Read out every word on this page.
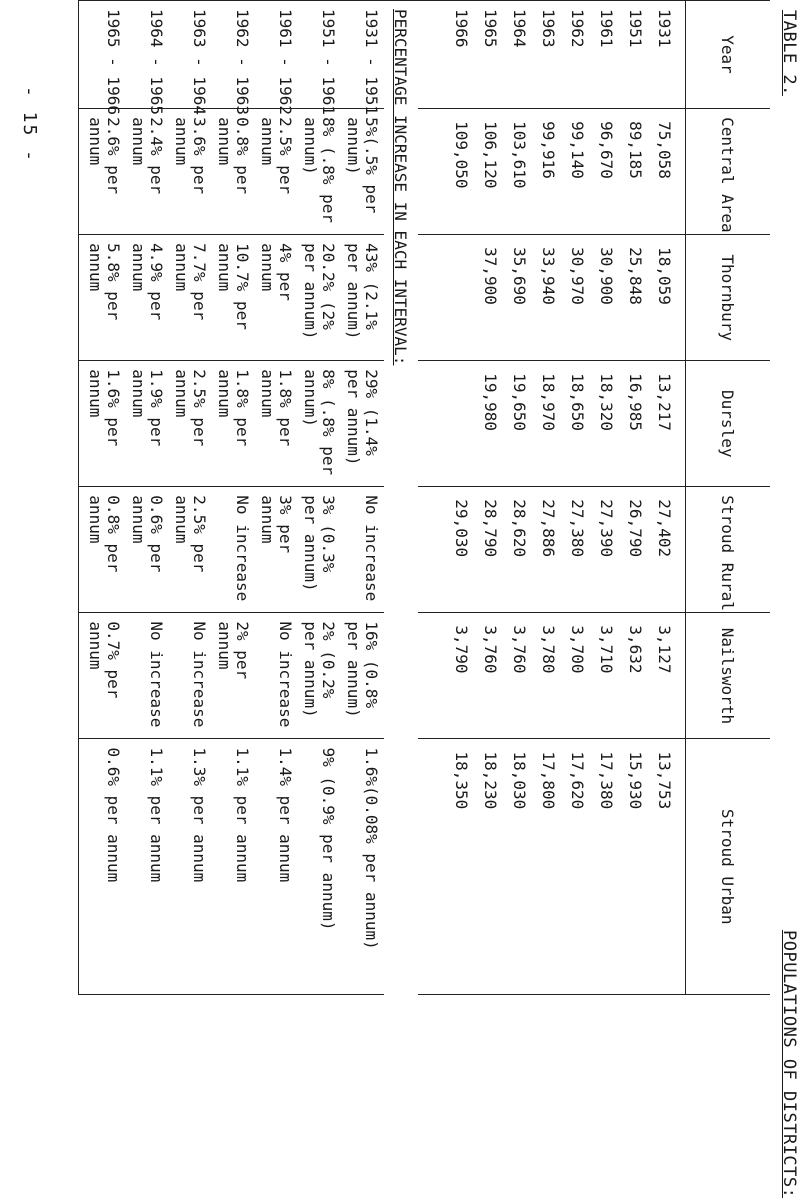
POPULATIONS OF DISTRICTS:
TABLE 2.
Year	Central Area	Thornbury	Dursley	Stroud Rural	Nailsworth	Stroud Urban
1931	75,058	18,059	13,217	27,402	3,127	13,753
1951	89,185	25,848	16,985	26,790	3,632	15,930
1961	96,670	30,900	18,320	27,390	3,710	17,380
1962	99,140	30,970	18,650	27,380	3,700	17,620
1963	99,916	33,940	18,970	27,886	3,780	17,800
1964	103,610	35,690	19,650	28,620	3,760	18,030
1965	106,120	37,900	19,980	28,790	3,760	18,230
1966	109,050			29,030	3,790	18,350

PERCENTAGE INCREASE IN EACH INTERVAL:						
1931 - 1951	5%(.5% per annum)	43% (2.1% per annum)	29% (1.4% per annum)	No increase	16% (0.8% per annum)	1.6%(0.08% per annum)
1951 - 1961	8% (.8% per annum)	20.2% (2% per annum)	8% (.8% per annum)	3% (0.3% per annum)	2% (0.2% per annum)	9% (0.9% per annum)
1961 - 1962	2.5% per annum	4% per annum	1.8% per annum	3% per annum	No increase	1.4% per annum
1962 - 1963	0.8% per annum	10.7% per annum	1.8% per annum	No increase	2% per annum	1.1% per annum
1963 - 1964	3.6% per annum	7.7% per annum	2.5% per annum	2.5% per annum	No increase	1.3% per annum
1964 - 1965	2.4% per annum	4.9% per annum	1.9% per annum	0.6% per annum	No increase	1.1% per annum
1965 - 1966	2.6% per annum	5.8% per annum	1.6% per annum	0.8% per annum	0.7% per annum	0.6% per annum

- 15 -
